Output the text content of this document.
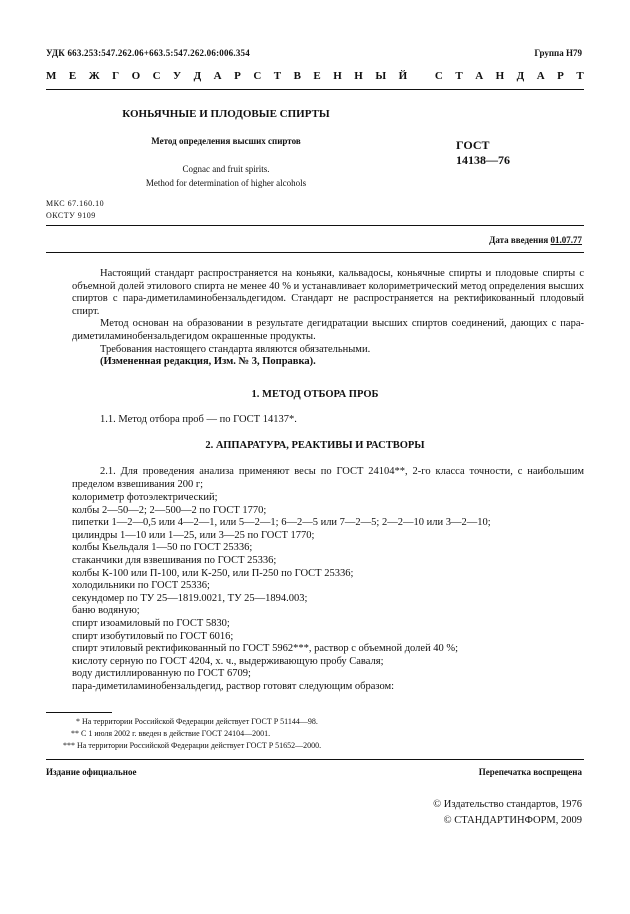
УДК 663.253:547.262.06+663.5:547.262.06:006.354	Группа Н79
М Е Ж Г О С У Д А Р С Т В Е Н Н Ы Й
	С Т А Н Д А Р Т
КОНЬЯЧНЫЕ И ПЛОДОВЫЕ СПИРТЫ
Метод определения высших спиртов
Cognac and fruit spirits.
Method for determination of higher alcohols
ГОСТ
14138—76
МКС 67.160.10
ОКСТУ 9109
Дата введения 01.07.77

Настоящий стандарт распространяется на коньяки, кальвадосы, коньячные спирты и плодовые спирты с объемной долей этилового спирта не менее 40 % и устанавливает колориметрический метод определения высших спиртов с пара-диметиламинобензальдегидом. Стандарт не распространяется на ректификованный плодовый спирт.

Метод основан на образовании в результате дегидратации высших спиртов соединений, дающих с пара-диметиламинобензальдегидом окрашенные продукты.

Требования настоящего стандарта являются обязательными.

(Измененная редакция, Изм. № 3, Поправка).

1. МЕТОД ОТБОРА ПРОБ

1.1. Метод отбора проб — по ГОСТ 14137*.

2. АППАРАТУРА, РЕАКТИВЫ И РАСТВОРЫ

2.1. Для проведения анализа применяют весы по ГОСТ 24104**, 2-го класса точности, с наибольшим пределом взвешивания 200 г;

колориметр фотоэлектрический;
колбы 2—50—2; 2—500—2 по ГОСТ 1770;
пипетки 1—2—0,5 или 4—2—1, или 5—2—1; 6—2—5 или 7—2—5; 2—2—10 или 3—2—10;
цилиндры 1—10 или 1—25, или 3—25 по ГОСТ 1770;
колбы Кьельдаля 1—50 по ГОСТ 25336;
стаканчики для взвешивания по ГОСТ 25336;
колбы К-100 или П-100, или К-250, или П-250 по ГОСТ 25336;
холодильники по ГОСТ 25336;
секундомер по ТУ 25—1819.0021, ТУ 25—1894.003;
баню водяную;
спирт изоамиловый по ГОСТ 5830;
спирт изобутиловый по ГОСТ 6016;
спирт этиловый ректификованный по ГОСТ 5962***, раствор с объемной долей 40 %;
кислоту серную по ГОСТ 4204, х. ч., выдерживающую пробу Саваля;
воду дистиллированную по ГОСТ 6709;
пара-диметиламинобензальдегид, раствор готовят следующим образом:
* На территории Российской Федерации действует ГОСТ Р 51144—98.
** С 1 июля 2002 г. введен в действие ГОСТ 24104—2001.
*** На территории Российской Федерации действует ГОСТ Р 51652—2000.
Издание официальное	Перепечатка воспрещена
© Издательство стандартов, 1976
© СТАНДАРТИНФОРМ, 2009
